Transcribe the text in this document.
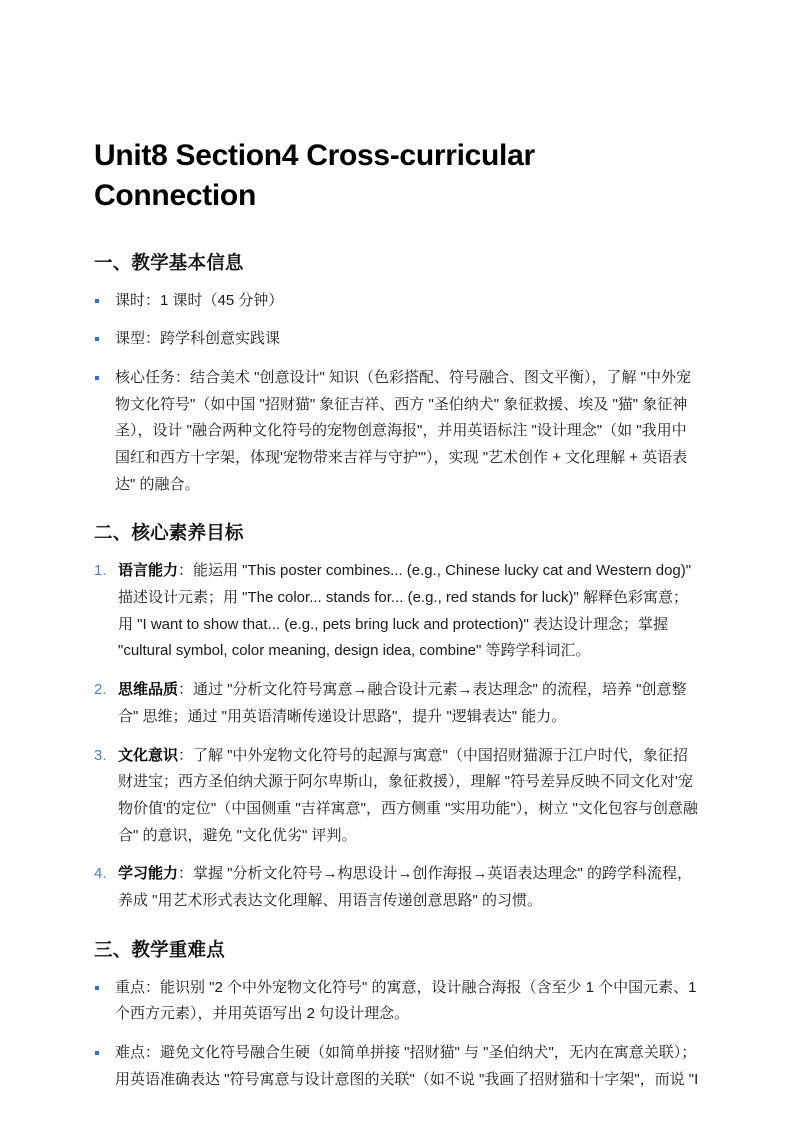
Unit8 Section4 Cross-curricular Connection
一、教学基本信息
课时：1 课时（45 分钟）
课型：跨学科创意实践课
核心任务：结合美术 "创意设计" 知识（色彩搭配、符号融合、图文平衡），了解 "中外宠物文化符号"（如中国 "招财猫" 象征吉祥、西方 "圣伯纳犬" 象征救援、埃及 "猫" 象征神圣），设计 "融合两种文化符号的宠物创意海报"，并用英语标注 "设计理念"（如 "我用中国红和西方十字架，体现'宠物带来吉祥与守护'"），实现 "艺术创作 + 文化理解 + 英语表达" 的融合。
二、核心素养目标
语言能力：能运用 "This poster combines... (e.g., Chinese lucky cat and Western dog)" 描述设计元素；用 "The color... stands for... (e.g., red stands for luck)" 解释色彩寓意；用 "I want to show that... (e.g., pets bring luck and protection)" 表达设计理念；掌握 "cultural symbol, color meaning, design idea, combine" 等跨学科词汇。
思维品质：通过 "分析文化符号寓意→融合设计元素→表达理念" 的流程，培养 "创意整合" 思维；通过 "用英语清晰传递设计思路"，提升 "逻辑表达" 能力。
文化意识：了解 "中外宠物文化符号的起源与寓意"（中国招财猫源于江户时代，象征招财进宝；西方圣伯纳犬源于阿尔卑斯山，象征救援），理解 "符号差异反映不同文化对'宠物价值'的定位"（中国侧重 "吉祥寓意"，西方侧重 "实用功能"），树立 "文化包容与创意融合" 的意识，避免 "文化优劣" 评判。
学习能力：掌握 "分析文化符号→构思设计→创作海报→英语表达理念" 的跨学科流程，养成 "用艺术形式表达文化理解、用语言传递创意思路" 的习惯。
三、教学重难点
重点：能识别 "2 个中外宠物文化符号" 的寓意，设计融合海报（含至少 1 个中国元素、1 个西方元素），并用英语写出 2 句设计理念。
难点：避免文化符号融合生硬（如简单拼接 "招财猫" 与 "圣伯纳犬"，无内在寓意关联）；用英语准确表达 "符号寓意与设计意图的关联"（如不说 "我画了招财猫和十字架"，而说 "I
